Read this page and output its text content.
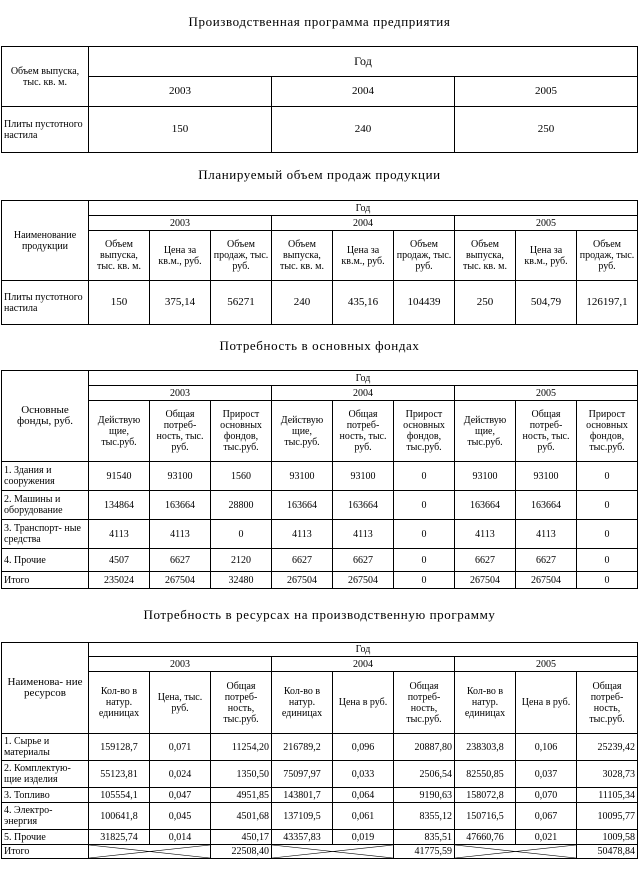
Производственная программа предприятия
Объем выпуска, тыс. кв. м.	Год		
	2003	2004	2005
Плиты пустотного настила	150	240	250
Планируемый объем продаж продукции
Наименование продукции	Год								
	2003			2004			2005		
	Объем выпуска, тыс. кв. м.	Цена за кв.м., руб.	Объем продаж, тыс. руб.	Объем выпуска, тыс. кв. м.	Цена за кв.м., руб.	Объем продаж, тыс. руб.	Объем выпуска, тыс. кв. м.	Цена за кв.м., руб.	Объем продаж, тыс. руб.
Плиты пустотного настила	150	375,14	56271	240	435,16	104439	250	504,79	126197,1
Потребность в основных фондах
Основные фонды, руб.	Год								
	2003			2004			2005		
	Действую щие, тыс.руб.	Общая потреб- ность, тыс. руб.	Прирост основных фондов, тыс.руб.	Действую щие, тыс.руб.	Общая потреб- ность, тыс. руб.	Прирост основных фондов, тыс.руб.	Действую щие, тыс.руб.	Общая потреб- ность, тыс. руб.	Прирост основных фондов, тыс.руб.
1. Здания и сооружения	91540	93100	1560	93100	93100	0	93100	93100	0
2. Машины и оборудование	134864	163664	28800	163664	163664	0	163664	163664	0
3. Транспорт- ные средства	4113	4113	0	4113	4113	0	4113	4113	0
4. Прочие	4507	6627	2120	6627	6627	0	6627	6627	0
Итого	235024	267504	32480	267504	267504	0	267504	267504	0
Потребность в ресурсах на производственную программу
Наименова- ние ресурсов	Год								
	2003			2004			2005		
	Кол-во в натур. единицах	Цена, тыс. руб.	Общая потреб- ность, тыс.руб.	Кол-во в натур. единицах	Цена в руб.	Общая потреб- ность, тыс.руб.	Кол-во в натур. единицах	Цена в руб.	Общая потреб- ность, тыс.руб.
1. Сырье и материалы	159128,7	0,071	11254,20	216789,2	0,096	20887,80	238303,8	0,106	25239,42
2. Комплектую- щие изделия	55123,81	0,024	1350,50	75097,97	0,033	2506,54	82550,85	0,037	3028,73
3. Топливо	105554,1	0,047	4951,85	143801,7	0,064	9190,63	158072,8	0,070	11105,34
4. Электро- энергия	100641,8	0,045	4501,68	137109,5	0,061	8355,12	150716,5	0,067	10095,77
5. Прочие	31825,74	0,014	450,17	43357,83	0,019	835,51	47660,76	0,021	1009,58
Итого			22508,40			41775,59			50478,84
